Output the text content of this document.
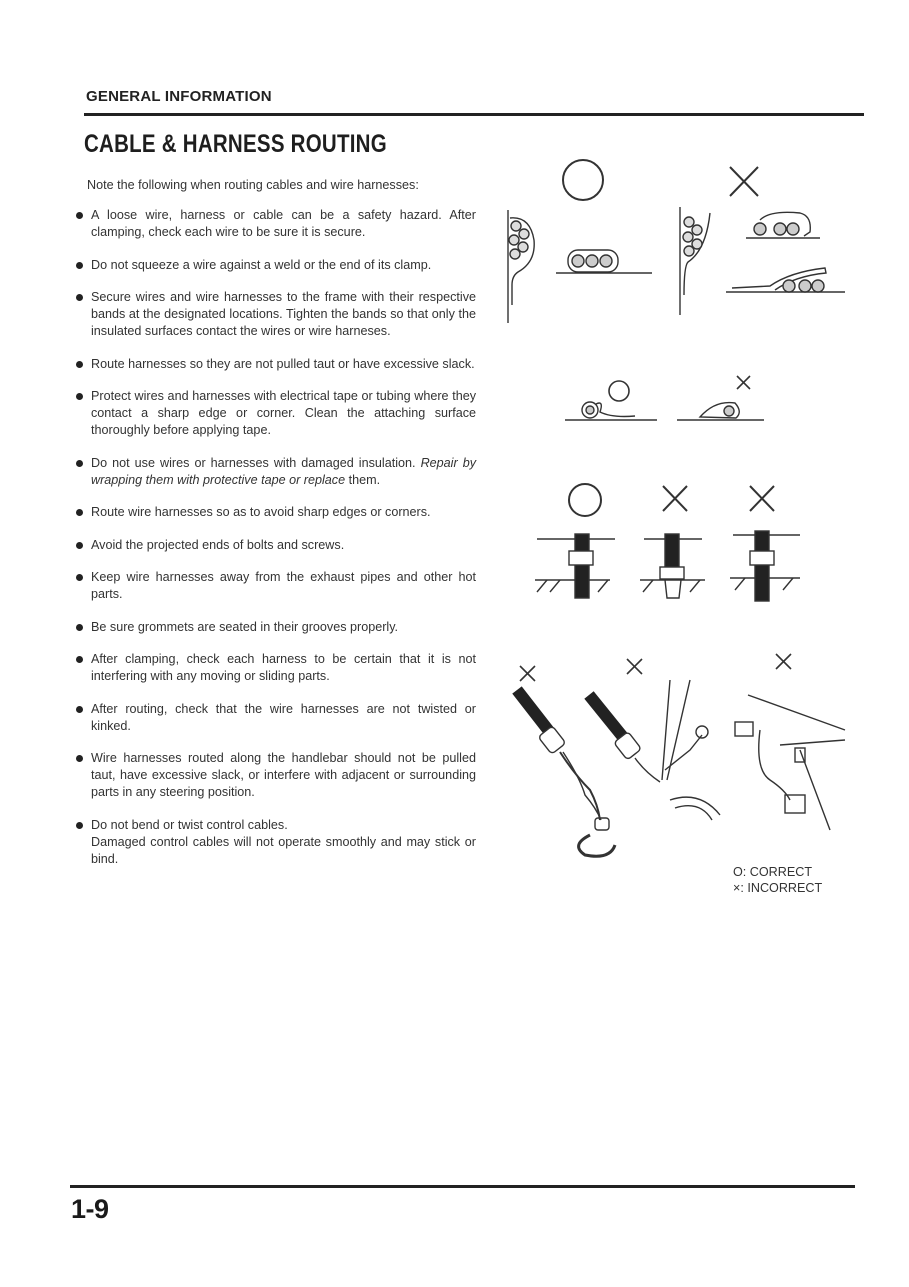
GENERAL INFORMATION
CABLE & HARNESS ROUTING
Note the following when routing cables and wire harnesses:
A loose wire, harness or cable can be a safety hazard. After clamping, check each wire to be sure it is secure.
Do not squeeze a wire against a weld or the end of its clamp.
Secure wires and wire harnesses to the frame with their respective bands at the designated locations. Tighten the bands so that only the insulated surfaces contact the wires or wire harneses.
Route harnesses so they are not pulled taut or have excessive slack.
Protect wires and harnesses with electrical tape or tubing where they contact a sharp edge or corner. Clean the attaching surface thoroughly before applying tape.
Do not use wires or harnesses with damaged insulation. Repair by wrapping them with protective tape or replace them.
Route wire harnesses so as to avoid sharp edges or corners.
Avoid the projected ends of bolts and screws.
Keep wire harnesses away from the exhaust pipes and other hot parts.
Be sure grommets are seated in their grooves properly.
After clamping, check each harness to be certain that it is not interfering with any moving or sliding parts.
After routing, check that the wire harnesses are not twisted or kinked.
Wire harnesses routed along the handlebar should not be pulled taut, have excessive slack, or interfere with adjacent or surrounding parts in any steering position.
Do not bend or twist control cables.
Damaged control cables will not operate smoothly and may stick or bind.
O: CORRECT
×: INCORRECT
1-9
